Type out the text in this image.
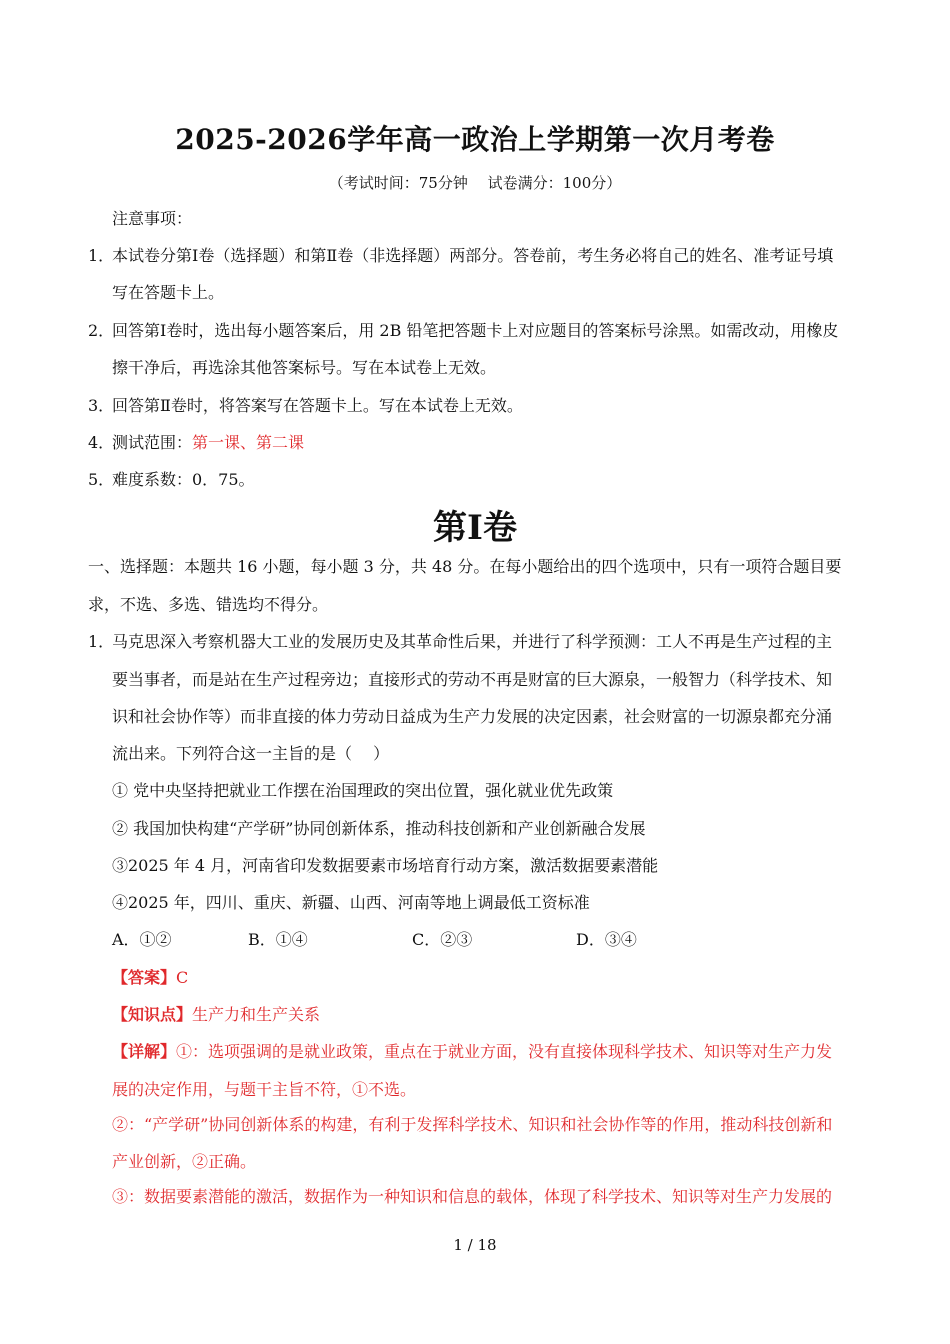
2025-2026学年高一政治上学期第一次月考卷
（考试时间：75分钟　 试卷满分：100分）
注意事项：
1．本试卷分第Ⅰ卷（选择题）和第Ⅱ卷（非选择题）两部分。答卷前，考生务必将自己的姓名、准考证号填
写在答题卡上。
2．回答第Ⅰ卷时，选出每小题答案后，用 2B 铅笔把答题卡上对应题目的答案标号涂黑。如需改动，用橡皮
擦干净后，再选涂其他答案标号。写在本试卷上无效。
3．回答第Ⅱ卷时，将答案写在答题卡上。写在本试卷上无效。
4．测试范围：第一课、第二课
5．难度系数：0．75。
第Ⅰ卷
一、选择题：本题共 16 小题，每小题 3 分，共 48 分。在每小题给出的四个选项中，只有一项符合题目要
求，不选、多选、错选均不得分。
1．马克思深入考察机器大工业的发展历史及其革命性后果，并进行了科学预测：工人不再是生产过程的主
要当事者，而是站在生产过程旁边；直接形式的劳动不再是财富的巨大源泉，一般智力（科学技术、知
识和社会协作等）而非直接的体力劳动日益成为生产力发展的决定因素，社会财富的一切源泉都充分涌
流出来。下列符合这一主旨的是（　 ）
① 党中央坚持把就业工作摆在治国理政的突出位置，强化就业优先政策
② 我国加快构建“产学研”协同创新体系，推动科技创新和产业创新融合发展
③2025 年 4 月，河南省印发数据要素市场培育行动方案，激活数据要素潜能
④2025 年，四川、重庆、新疆、山西、河南等地上调最低工资标准
A．①②	B．①④	C．②③	D．③④
【答案】C
【知识点】生产力和生产关系
【详解】①：选项强调的是就业政策，重点在于就业方面，没有直接体现科学技术、知识等对生产力发
展的决定作用，与题干主旨不符，①不选。
②：“产学研”协同创新体系的构建，有利于发挥科学技术、知识和社会协作等的作用，推动科技创新和
产业创新，②正确。
③：数据要素潜能的激活，数据作为一种知识和信息的载体，体现了科学技术、知识等对生产力发展的
1 / 18
